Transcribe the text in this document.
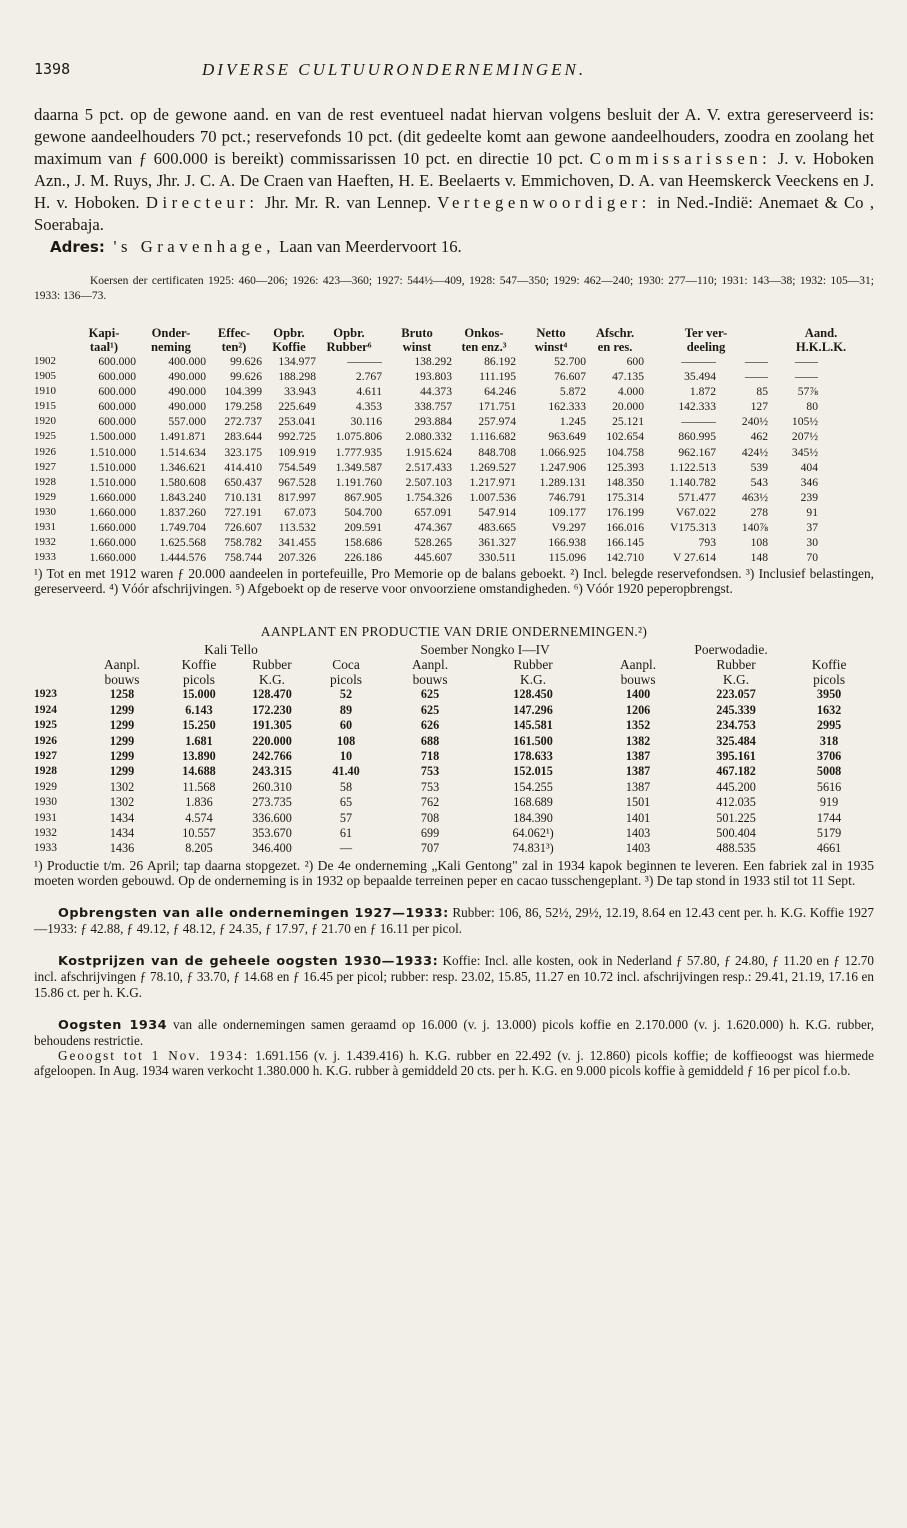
1398	DIVERSE CULTUURONDERNEMINGEN.

daarna 5 pct. op de gewone aand. en van de rest eventueel nadat hiervan volgens besluit der A. V. extra gereserveerd is: gewone aandeelhouders 70 pct.; reservefonds 10 pct. (dit gedeelte komt aan gewone aandeelhouders, zoodra en zoolang het maximum van ƒ 600.000 is bereikt) commissarissen 10 pct. en directie 10 pct. Commissarissen: J. v. Hoboken Azn., J. M. Ruys, Jhr. J. C. A. De Craen van Haeften, H. E. Beelaerts v. Emmichoven, D. A. van Heemskerck Veeckens en J. H. v. Hoboken. Directeur: Jhr. Mr. R. van Lennep. Vertegenwoordiger: in Ned.-Indië: Anemaet & Co , Soerabaja.

Adres: 's Gravenhage, Laan van Meerdervoort 16.

Koersen der certificaten 1925: 460—206; 1926: 423—360; 1927: 544½—409, 1928: 547—350; 1929: 462—240; 1930: 277—110; 1931: 143—38; 1932: 105—31; 1933: 136—73.
	Kapi-	Onder-	Effec-	Opbr.	Opbr.	Bruto	Onkos-	Netto	Afschr.	Ter ver-		Aand.
	taal¹)	neming	ten²)	Koffie	Rubber⁶	winst	ten enz.³	winst⁴	en res.	deeling		H.K.L.K.
1902	600.000	400.000	99.626	134.977	———	138.292	86.192	52.700	600	———	——	——
1905	600.000	490.000	99.626	188.298	2.767	193.803	111.195	76.607	47.135	35.494	——	——
1910	600.000	490.000	104.399	33.943	4.611	44.373	64.246	5.872	4.000	1.872	85	57⅞
1915	600.000	490.000	179.258	225.649	4.353	338.757	171.751	162.333	20.000	142.333	127	80
1920	600.000	557.000	272.737	253.041	30.116	293.884	257.974	1.245	25.121	———	240½	105½
1925	1.500.000	1.491.871	283.644	992.725	1.075.806	2.080.332	1.116.682	963.649	102.654	860.995	462	207½
1926	1.510.000	1.514.634	323.175	109.919	1.777.935	1.915.624	848.708	1.066.925	104.758	962.167	424½	345½
1927	1.510.000	1.346.621	414.410	754.549	1.349.587	2.517.433	1.269.527	1.247.906	125.393	1.122.513	539	404
1928	1.510.000	1.580.608	650.437	967.528	1.191.760	2.507.103	1.217.971	1.289.131	148.350	1.140.782	543	346
1929	1.660.000	1.843.240	710.131	817.997	867.905	1.754.326	1.007.536	746.791	175.314	571.477	463½	239
1930	1.660.000	1.837.260	727.191	67.073	504.700	657.091	547.914	109.177	176.199	V67.022	278	91
1931	1.660.000	1.749.704	726.607	113.532	209.591	474.367	483.665	V9.297	166.016	V175.313	140⅞	37
1932	1.660.000	1.625.568	758.782	341.455	158.686	528.265	361.327	166.938	166.145	793	108	30
1933	1.660.000	1.444.576	758.744	207.326	226.186	445.607	330.511	115.096	142.710	V 27.614	148	70
¹) Tot en met 1912 waren ƒ 20.000 aandeelen in portefeuille, Pro Memorie op de balans geboekt. ²) Incl. belegde reservefondsen. ³) Inclusief belastingen, gereserveerd. ⁴) Vóór afschrijvingen. ⁵) Afgeboekt op de reserve voor onvoorziene omstandigheden. ⁶) Vóór 1920 peperopbrengst.
AANPLANT EN PRODUCTIE VAN DRIE ONDERNEMINGEN.²)
	Kali Tello				Soember Nongko I—IV		Poerwodadie.		
	Aanpl.	Koffie	Rubber	Coca	Aanpl.	Rubber	Aanpl.	Rubber	Koffie
	bouws	picols	K.G.	picols	bouws	K.G.	bouws	K.G.	picols
1923	1258	15.000	128.470	52	625	128.450	1400	223.057	3950
1924	1299	6.143	172.230	89	625	147.296	1206	245.339	1632
1925	1299	15.250	191.305	60	626	145.581	1352	234.753	2995
1926	1299	1.681	220.000	108	688	161.500	1382	325.484	318
1927	1299	13.890	242.766	10	718	178.633	1387	395.161	3706
1928	1299	14.688	243.315	41.40	753	152.015	1387	467.182	5008
1929	1302	11.568	260.310	58	753	154.255	1387	445.200	5616
1930	1302	1.836	273.735	65	762	168.689	1501	412.035	919
1931	1434	4.574	336.600	57	708	184.390	1401	501.225	1744
1932	1434	10.557	353.670	61	699	64.062¹)	1403	500.404	5179
1933	1436	8.205	346.400	—	707	74.831³)	1403	488.535	4661
¹) Productie t/m. 26 April; tap daarna stopgezet. ²) De 4e onderneming „Kali Gentong" zal in 1934 kapok beginnen te leveren. Een fabriek zal in 1935 moeten worden gebouwd. Op de onderneming is in 1932 op bepaalde terreinen peper en cacao tusschengeplant. ³) De tap stond in 1933 stil tot 11 Sept.
Opbrengsten van alle ondernemingen 1927—1933: Rubber: 106, 86, 52½, 29½, 12.19, 8.64 en 12.43 cent per. h. K.G. Koffie 1927—1933: ƒ 42.88, ƒ 49.12, ƒ 48.12, ƒ 24.35, ƒ 17.97, ƒ 21.70 en ƒ 16.11 per picol.
Kostprijzen van de geheele oogsten 1930—1933: Koffie: Incl. alle kosten, ook in Nederland ƒ 57.80, ƒ 24.80, ƒ 11.20 en ƒ 12.70 incl. afschrijvingen ƒ 78.10, ƒ 33.70, ƒ 14.68 en ƒ 16.45 per picol; rubber: resp. 23.02, 15.85, 11.27 en 10.72 incl. afschrijvingen resp.: 29.41, 21.19, 17.16 en 15.86 ct. per h. K.G.
Oogsten 1934 van alle ondernemingen samen geraamd op 16.000 (v. j. 13.000) picols koffie en 2.170.000 (v. j. 1.620.000) h. K.G. rubber, behoudens restrictie.
Geoogst tot 1 Nov. 1934: 1.691.156 (v. j. 1.439.416) h. K.G. rubber en 22.492 (v. j. 12.860) picols koffie; de koffieoogst was hiermede afgeloopen. In Aug. 1934 waren verkocht 1.380.000 h. K.G. rubber à gemiddeld 20 cts. per h. K.G. en 9.000 picols koffie à gemiddeld ƒ 16 per picol f.o.b.
